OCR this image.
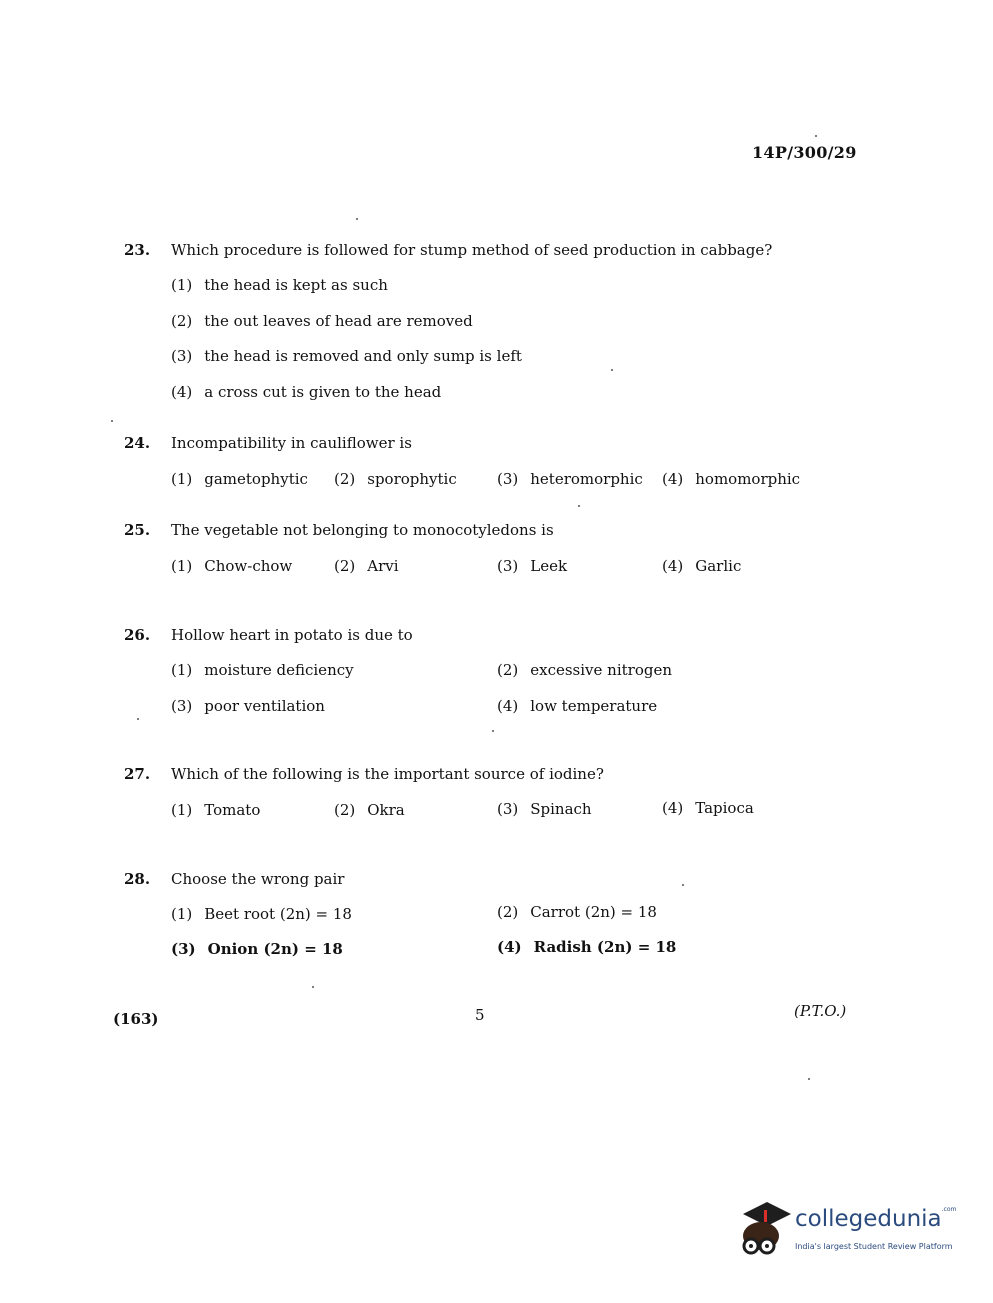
14P/300/29
23. Which procedure is followed for stump method of seed production in cabbage?
(1) the head is kept as such
(2) the out leaves of head are removed
(3) the head is removed and only sump is left
(4) a cross cut is given to the head
24. Incompatibility in cauliflower is
(1) gametophytic (2) sporophytic	(3) heteromorphic (4) homomorphic
25. The vegetable not belonging to monocotyledons is
(1) Chow-chow	(2) Arvi	(3) Leek	(4) Garlic
26. Hollow heart in potato is due to
(1) moisture deficiency	(2) excessive nitrogen
(3) poor ventilation	(4) low temperature
27. Which of the following is the important source of iodine?
(1) Tomato	(2) Okra	(3) Spinach	(4) Tapioca
28. Choose the wrong pair
(1) Beet root (2n) = 18	(2) Carrot (2n) = 18
(3) Onion (2n) = 18	(4) Radish (2n) = 18
(163)	5	(P.T.O.)
collegedunia$^{.com}$
India's largest Student Review Platform
